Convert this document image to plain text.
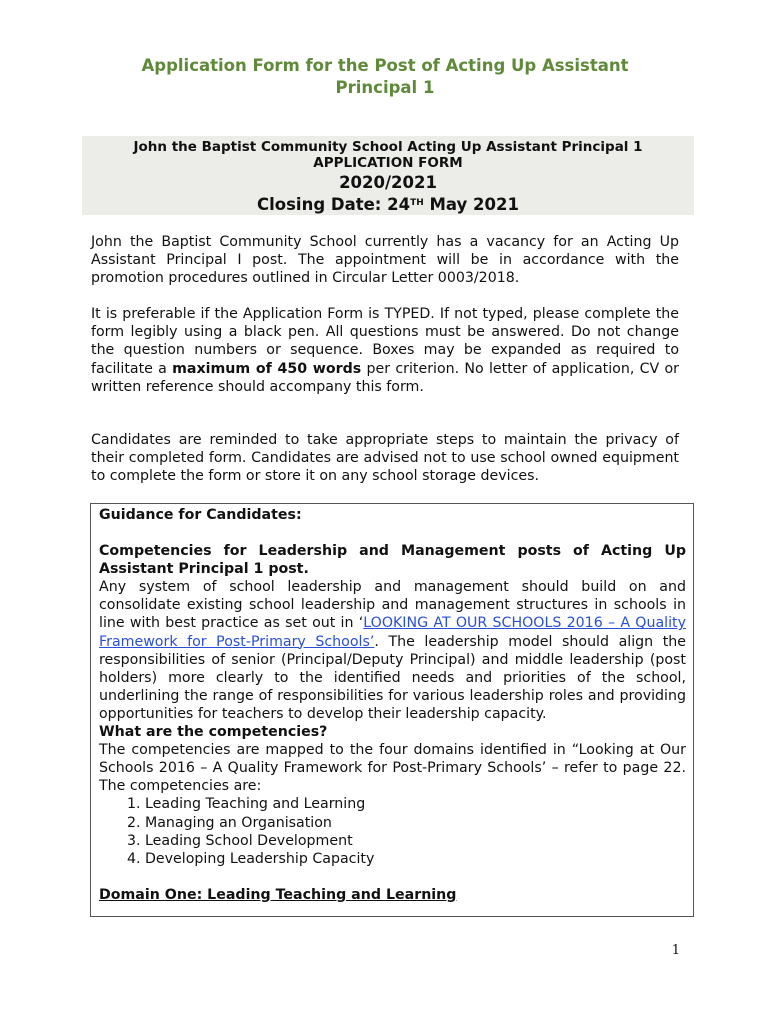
Application Form for the Post of Acting Up Assistant
Principal 1
John the Baptist Community School Acting Up Assistant Principal 1
APPLICATION FORM
2020/2021
Closing Date: 24TH May 2021
John the Baptist Community School currently has a vacancy for an Acting Up Assistant Principal I post. The appointment will be in accordance with the promotion procedures outlined in Circular Letter 0003/2018.
It is preferable if the Application Form is TYPED. If not typed, please complete the form legibly using a black pen. All questions must be answered. Do not change the question numbers or sequence. Boxes may be expanded as required to facilitate a maximum of 450 words per criterion. No letter of application, CV or written reference should accompany this form.
Candidates are reminded to take appropriate steps to maintain the privacy of their completed form. Candidates are advised not to use school owned equipment to complete the form or store it on any school storage devices.
Guidance for Candidates:
Competencies for Leadership and Management posts of Acting Up Assistant Principal 1 post.
Any system of school leadership and management should build on and consolidate existing school leadership and management structures in schools in line with best practice as set out in ‘LOOKING AT OUR SCHOOLS 2016 – A Quality Framework for Post-Primary Schools’. The leadership model should align the responsibilities of senior (Principal/Deputy Principal) and middle leadership (post holders) more clearly to the identified needs and priorities of the school, underlining the range of responsibilities for various leadership roles and providing opportunities for teachers to develop their leadership capacity.
What are the competencies?
The competencies are mapped to the four domains identified in “Looking at Our Schools 2016 – A Quality Framework for Post-Primary Schools’ – refer to page 22. The competencies are:
1. Leading Teaching and Learning
2. Managing an Organisation
3. Leading School Development
4. Developing Leadership Capacity
Domain One: Leading Teaching and Learning
1
